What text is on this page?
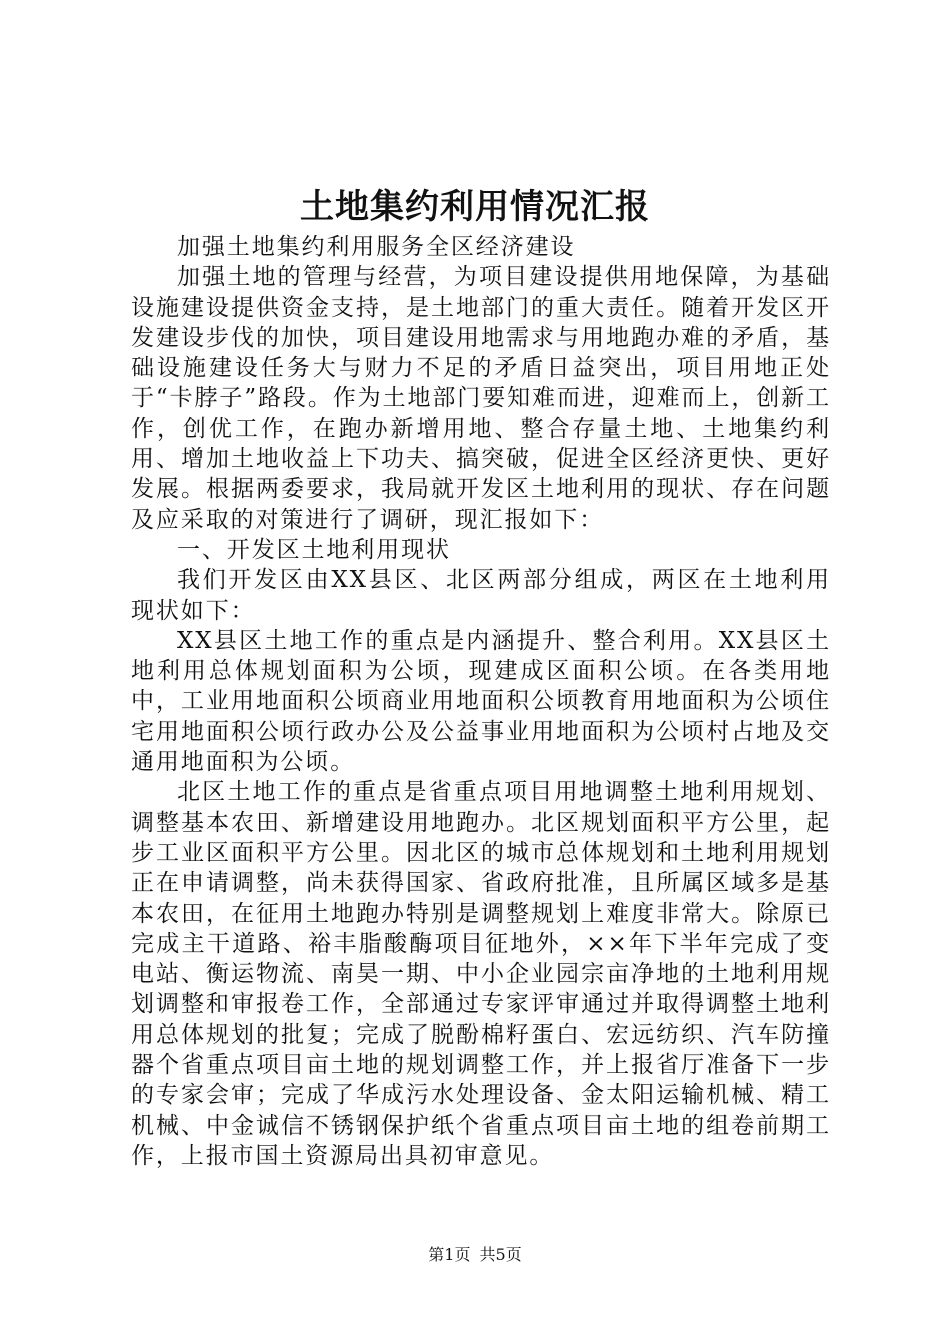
土地集约利用情况汇报

加强土地集约利用服务全区经济建设

加强土地的管理与经营，为项目建设提供用地保障，为基础设施建设提供资金支持，是土地部门的重大责任。随着开发区开发建设步伐的加快，项目建设用地需求与用地跑办难的矛盾，基础设施建设任务大与财力不足的矛盾日益突出，项目用地正处于“卡脖子”路段。作为土地部门要知难而进，迎难而上，创新工作，创优工作，在跑办新增用地、整合存量土地、土地集约利用、增加土地收益上下功夫、搞突破，促进全区经济更快、更好发展。根据两委要求，我局就开发区土地利用的现状、存在问题及应采取的对策进行了调研，现汇报如下：

一、开发区土地利用现状

我们开发区由XX县区、北区两部分组成，两区在土地利用现状如下：

XX县区土地工作的重点是内涵提升、整合利用。XX县区土地利用总体规划面积为公顷，现建成区面积公顷。在各类用地中，工业用地面积公顷商业用地面积公顷教育用地面积为公顷住宅用地面积公顷行政办公及公益事业用地面积为公顷村占地及交通用地面积为公顷。

北区土地工作的重点是省重点项目用地调整土地利用规划、调整基本农田、新增建设用地跑办。北区规划面积平方公里，起步工业区面积平方公里。因北区的城市总体规划和土地利用规划正在申请调整，尚未获得国家、省政府批准，且所属区域多是基本农田，在征用土地跑办特别是调整规划上难度非常大。除原已完成主干道路、裕丰脂酸酶项目征地外，××年下半年完成了变电站、衡运物流、南昊一期、中小企业园宗亩净地的土地利用规划调整和审报卷工作，全部通过专家评审通过并取得调整土地利用总体规划的批复；完成了脱酚棉籽蛋白、宏远纺织、汽车防撞器个省重点项目亩土地的规划调整工作，并上报省厅准备下一步的专家会审；完成了华成污水处理设备、金太阳运输机械、精工机械、中金诚信不锈钢保护纸个省重点项目亩土地的组卷前期工作，上报市国土资源局出具初审意见。

第1页 共5页
